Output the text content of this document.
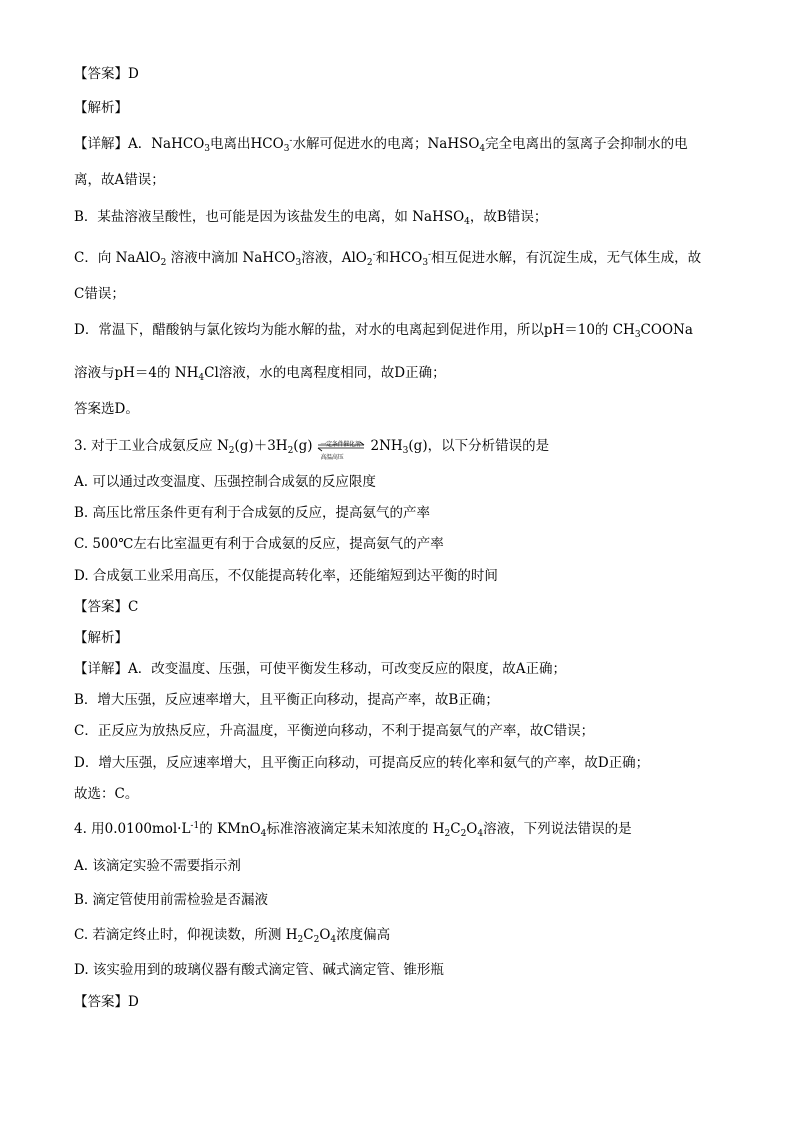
【答案】D
【解析】
【详解】A．NaHCO$_3$电离出$HCO_3^-$水解可促进水的电离；NaHSO$_4$完全电离出的氢离子会抑制水的电
离，故A错误；
B．某盐溶液呈酸性，也可能是因为该盐发生的电离，如 NaHSO$_4$，故B错误；
C．向 NaAlO$_2$ 溶液中滴加 NaHCO$_3$溶液，AlO$_2$-和$HCO_3^-$相互促进水解，有沉淀生成，无气体生成，故
C错误；
D．常温下，醋酸钠与氯化铵均为能水解的盐，对水的电离起到促进作用，所以pH＝10的 $CH_3COONa$
溶液与pH＝4的 $NH_4Cl$溶液，水的电离程度相同，故D正确；
答案选D。
3. 对于工业合成氨反应 $N_2(g)+3H_2(g)$ 一定条件催化剂
高温高压
$2NH_3(g)$，以下分析错误的是
A. 可以通过改变温度、压强控制合成氨的反应限度
B. 高压比常压条件更有利于合成氨的反应，提高氨气的产率
C. 500℃左右比室温更有利于合成氨的反应，提高氨气的产率
D. 合成氨工业采用高压，不仅能提高转化率，还能缩短到达平衡的时间
【答案】C
【解析】
【详解】A．改变温度、压强，可使平衡发生移动，可改变反应的限度，故A正确；
B．增大压强，反应速率增大，且平衡正向移动，提高产率，故B正确；
C．正反应为放热反应，升高温度，平衡逆向移动，不利于提高氨气的产率，故C错误；
D．增大压强，反应速率增大，且平衡正向移动，可提高反应的转化率和氨气的产率，故D正确；
故选：C。
4. 用$0.0100mol\cdot L^{-1}$的 KMnO$_4$标准溶液滴定某未知浓度的 $H_2C_2O_4$溶液，下列说法错误的是
A. 该滴定实验不需要指示剂
B. 滴定管使用前需检验是否漏液
C. 若滴定终止时，仰视读数，所测 $H_2C_2O_4$浓度偏高
D. 该实验用到的玻璃仪器有酸式滴定管、碱式滴定管、锥形瓶
【答案】D
